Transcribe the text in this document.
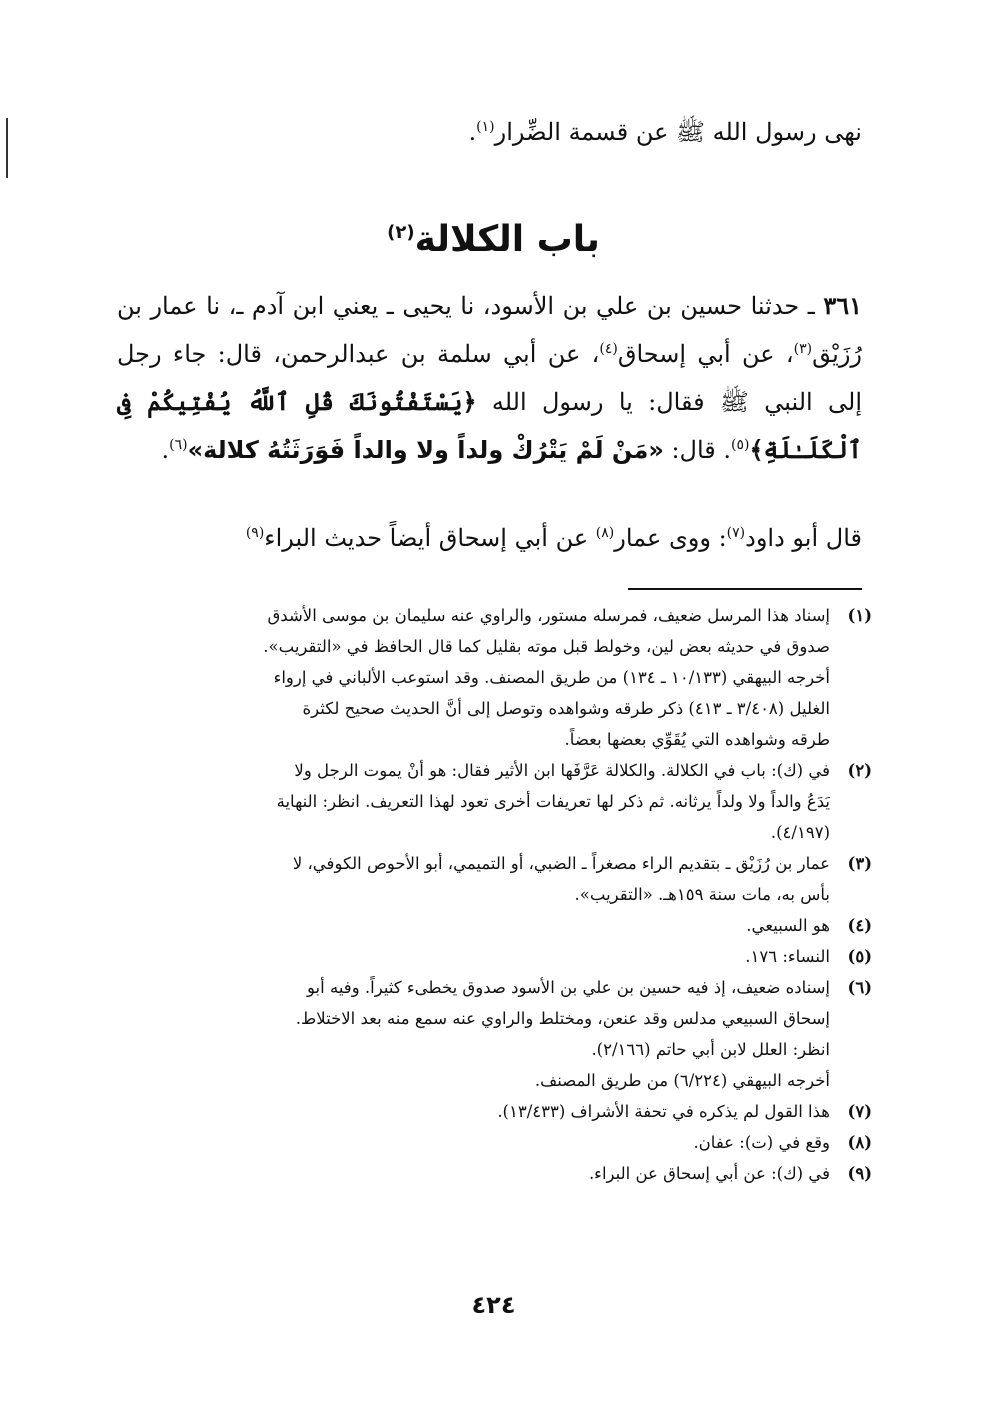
نهى رسول الله ﷺ عن قسمة الضِّرار$^{(١)}$.
باب الكلالة$^{(٢)}$
٣٦١ ـ حدثنا حسين بن علي بن الأسود، نا يحيى ـ يعني ابن آدم ـ، نا عمار بن رُزَيْق$^{(٣)}$، عن أبي إسحاق$^{(٤)}$، عن أبي سلمة بن عبدالرحمن، قال: جاء رجل إلى النبي ﷺ فقال: يا رسول الله ﴿يَسْتَفْتُونَكَ قُلِ ٱللَّهُ يُفْتِيكُمْ فِى ٱلْكَلَـٰلَةِ﴾$^{(٥)}$. قال: «مَنْ لَمْ يَتْرُكْ ولداً ولا والداً فَوَرَثَتُهُ كلالة»$^{(٦)}$.
قال أبو داود$^{(٧)}$: ووى عمار$^{(٨)}$ عن أبي إسحاق أيضاً حديث البراء$^{(٩)}$
(١)
إسناد هذا المرسل ضعيف، فمرسله مستور، والراوي عنه سليمان بن موسى الأشدق
صدوق في حديثه بعض لين، وخولط قبل موته بقليل كما قال الحافظ في «التقريب».
أخرجه البيهقي (١٠/١٣٣ ـ ١٣٤) من طريق المصنف. وقد استوعب الألباني في إرواء
الغليل (٣/٤٠٨ ـ ٤١٣) ذكر طرقه وشواهده وتوصل إلى أنَّ الحديث صحيح لكثرة
طرقه وشواهده التي يُقَوِّي بعضها بعضاً.
(٢)
في (ك): باب في الكلالة. والكلالة عَرَّفَها ابن الأثير فقال: هو أنْ يموت الرجل ولا
يَدَعُ والداً ولا ولداً يرثانه. ثم ذكر لها تعريفات أخرى تعود لهذا التعريف. انظر: النهاية
(٤/١٩٧).
(٣)
عمار بن رُزَيْق ـ بتقديم الراء مصغراً ـ الضبي، أو التميمي، أبو الأحوص الكوفي، لا
بأس به، مات سنة ١٥٩هـ. «التقريب».
(٤)
هو السبيعي.
(٥)
النساء: ١٧٦.
(٦)
إسناده ضعيف، إذ فيه حسين بن علي بن الأسود صدوق يخطىء كثيراً. وفيه أبو
إسحاق السبيعي مدلس وقد عنعن، ومختلط والراوي عنه سمع منه بعد الاختلاط.
انظر: العلل لابن أبي حاتم (٢/١٦٦).
أخرجه البيهقي (٦/٢٢٤) من طريق المصنف.
(٧)
هذا القول لم يذكره في تحفة الأشراف (١٣/٤٣٣).
(٨)
وقع في (ت): عفان.
(٩)
في (ك): عن أبي إسحاق عن البراء.
٤٢٤
